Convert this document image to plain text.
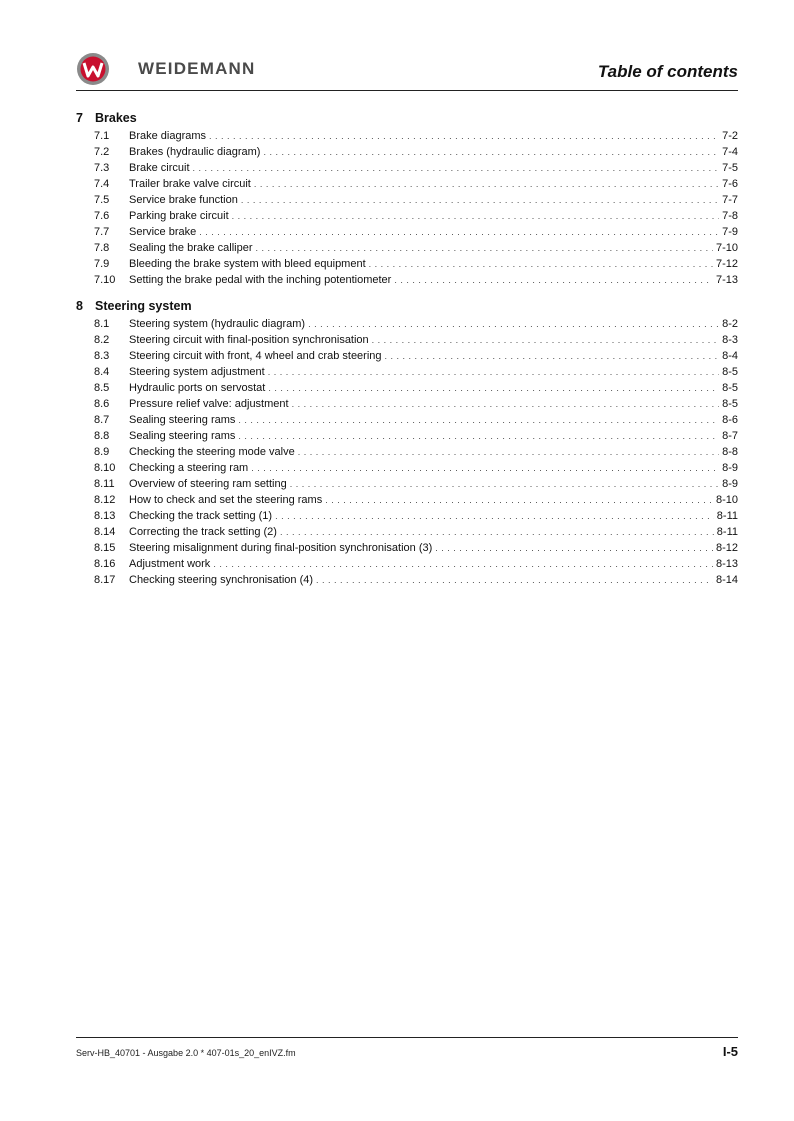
WEIDEMANN	Table of contents
7 Brakes
7.1	Brake diagrams . . .	7-2
7.2	Brakes (hydraulic diagram) . . .	7-4
7.3	Brake circuit . . .	7-5
7.4	Trailer brake valve circuit . . .	7-6
7.5	Service brake function . . .	7-7
7.6	Parking brake circuit . . .	7-8
7.7	Service brake . . .	7-9
7.8	Sealing the brake calliper . . .	7-10
7.9	Bleeding the brake system with bleed equipment . . .	7-12
7.10	Setting the brake pedal with the inching potentiometer . . .	7-13
8 Steering system
8.1	Steering system (hydraulic diagram) . . .	8-2
8.2	Steering circuit with final-position synchronisation . . .	8-3
8.3	Steering circuit with front, 4 wheel and crab steering . . .	8-4
8.4	Steering system adjustment . . .	8-5
8.5	Hydraulic ports on servostat . . .	8-5
8.6	Pressure relief valve: adjustment . . .	8-5
8.7	Sealing steering rams . . .	8-6
8.8	Sealing steering rams . . .	8-7
8.9	Checking the steering mode valve . . .	8-8
8.10	Checking a steering ram . . .	8-9
8.11	Overview of steering ram setting . . .	8-9
8.12	How to check and set the steering rams . . .	8-10
8.13	Checking the track setting (1) . . .	8-11
8.14	Correcting the track setting (2) . . .	8-11
8.15	Steering misalignment during final-position synchronisation (3) . . .	8-12
8.16	Adjustment work . . .	8-13
8.17	Checking steering synchronisation (4) . . .	8-14
Serv-HB_40701 - Ausgabe 2.0 * 407-01s_20_enIVZ.fm	I-5
